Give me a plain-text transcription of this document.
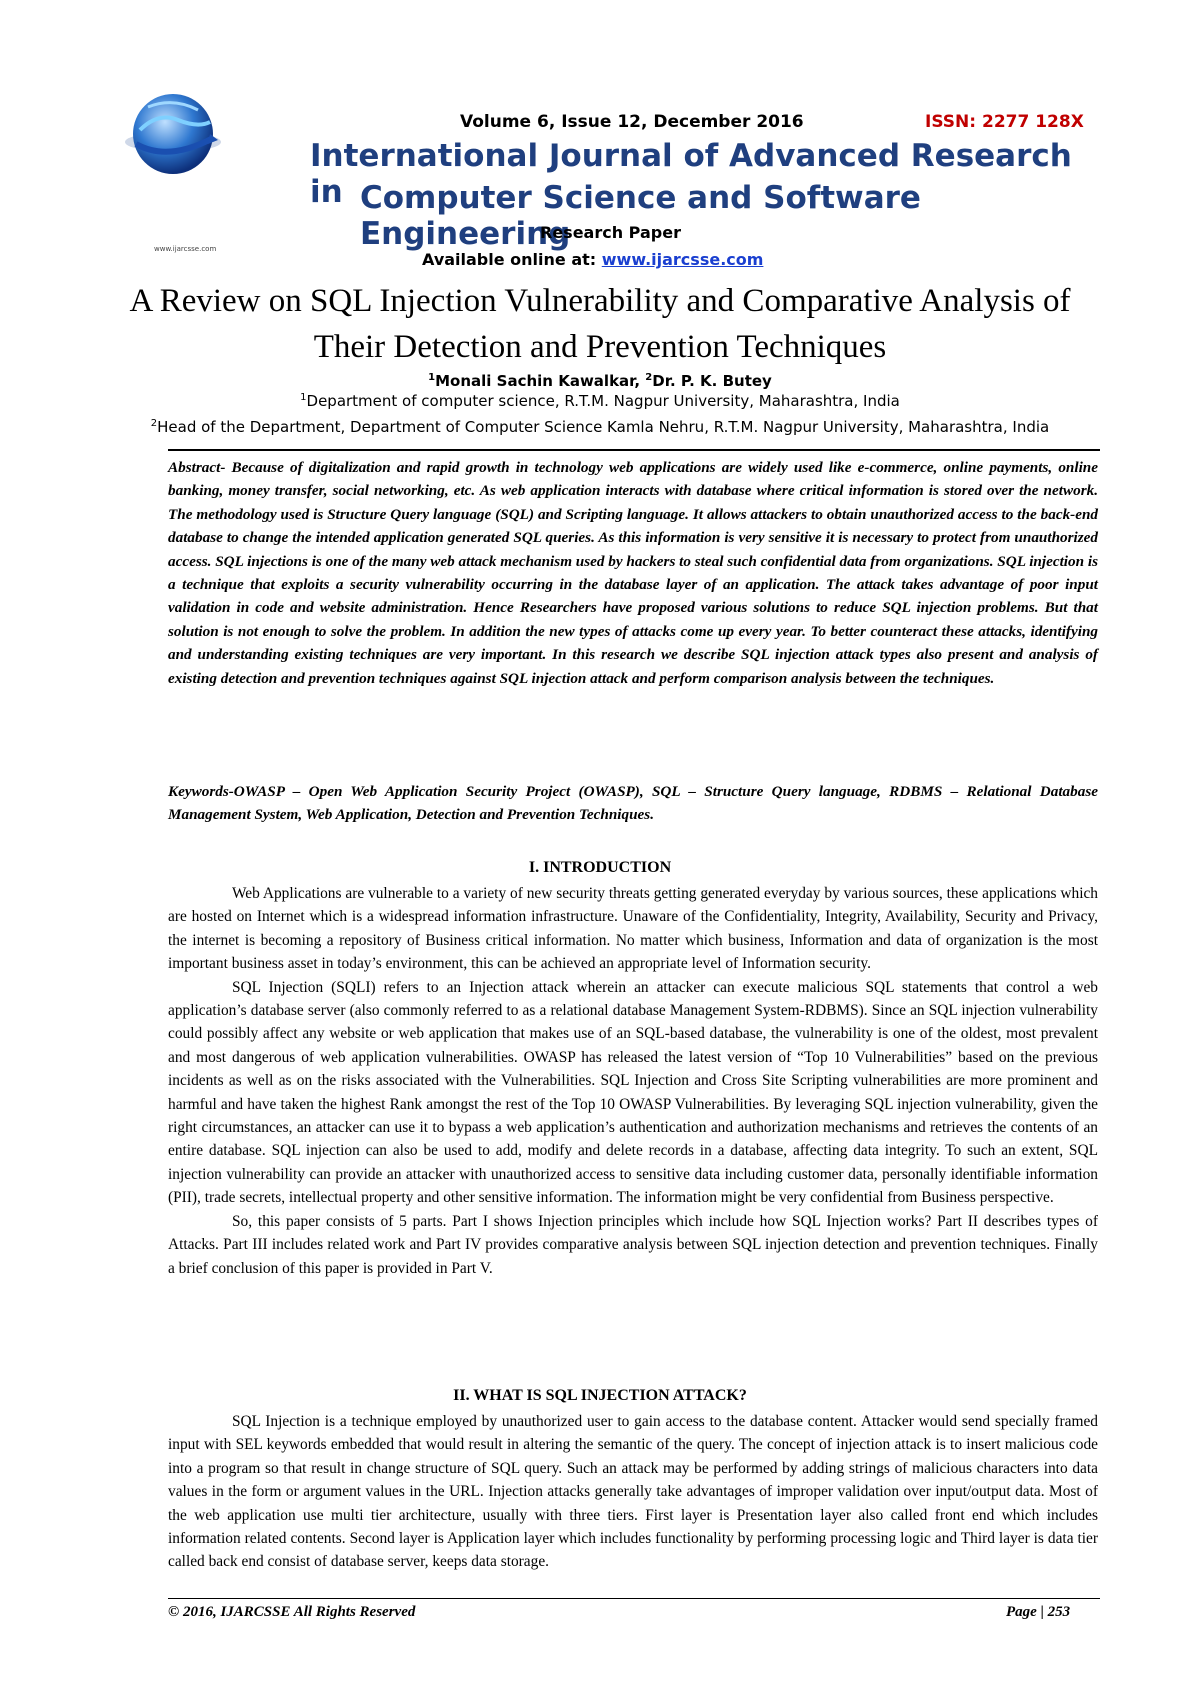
www.ijarcsse.com
Volume 6, Issue 12, December 2016	ISSN: 2277 128X
International Journal of Advanced Research in Computer Science and Software Engineering
Research Paper
Available online at: www.ijarcsse.com
A Review on SQL Injection Vulnerability and Comparative Analysis of Their Detection and Prevention Techniques
$^1$Monali Sachin Kawalkar, $^2$Dr. P. K. Butey
$^1$Department of computer science, R.T.M. Nagpur University, Maharashtra, India
$^2$Head of the Department, Department of Computer Science Kamla Nehru, R.T.M. Nagpur University, Maharashtra, India
Abstract- Because of digitalization and rapid growth in technology web applications are widely used like e-commerce, online payments, online banking, money transfer, social networking, etc. As web application interacts with database where critical information is stored over the network. The methodology used is Structure Query language (SQL) and Scripting language. It allows attackers to obtain unauthorized access to the back-end database to change the intended application generated SQL queries. As this information is very sensitive it is necessary to protect from unauthorized access. SQL injections is one of the many web attack mechanism used by hackers to steal such confidential data from organizations. SQL injection is a technique that exploits a security vulnerability occurring in the database layer of an application. The attack takes advantage of poor input validation in code and website administration. Hence Researchers have proposed various solutions to reduce SQL injection problems. But that solution is not enough to solve the problem. In addition the new types of attacks come up every year. To better counteract these attacks, identifying and understanding existing techniques are very important. In this research we describe SQL injection attack types also present and analysis of existing detection and prevention techniques against SQL injection attack and perform comparison analysis between the techniques.
Keywords-OWASP – Open Web Application Security Project (OWASP), SQL – Structure Query language, RDBMS – Relational Database Management System, Web Application, Detection and Prevention Techniques.
I. INTRODUCTION

Web Applications are vulnerable to a variety of new security threats getting generated everyday by various sources, these applications which are hosted on Internet which is a widespread information infrastructure. Unaware of the Confidentiality, Integrity, Availability, Security and Privacy, the internet is becoming a repository of Business critical information. No matter which business, Information and data of organization is the most important business asset in today’s environment, this can be achieved an appropriate level of Information security.

SQL Injection (SQLI) refers to an Injection attack wherein an attacker can execute malicious SQL statements that control a web application’s database server (also commonly referred to as a relational database Management System-RDBMS). Since an SQL injection vulnerability could possibly affect any website or web application that makes use of an SQL-based database, the vulnerability is one of the oldest, most prevalent and most dangerous of web application vulnerabilities. OWASP has released the latest version of “Top 10 Vulnerabilities” based on the previous incidents as well as on the risks associated with the Vulnerabilities. SQL Injection and Cross Site Scripting vulnerabilities are more prominent and harmful and have taken the highest Rank amongst the rest of the Top 10 OWASP Vulnerabilities. By leveraging SQL injection vulnerability, given the right circumstances, an attacker can use it to bypass a web application’s authentication and authorization mechanisms and retrieves the contents of an entire database. SQL injection can also be used to add, modify and delete records in a database, affecting data integrity. To such an extent, SQL injection vulnerability can provide an attacker with unauthorized access to sensitive data including customer data, personally identifiable information (PII), trade secrets, intellectual property and other sensitive information. The information might be very confidential from Business perspective.

So, this paper consists of 5 parts. Part I shows Injection principles which include how SQL Injection works? Part II describes types of Attacks. Part III includes related work and Part IV provides comparative analysis between SQL injection detection and prevention techniques. Finally a brief conclusion of this paper is provided in Part V.

II. WHAT IS SQL INJECTION ATTACK?

SQL Injection is a technique employed by unauthorized user to gain access to the database content. Attacker would send specially framed input with SEL keywords embedded that would result in altering the semantic of the query. The concept of injection attack is to insert malicious code into a program so that result in change structure of SQL query. Such an attack may be performed by adding strings of malicious characters into data values in the form or argument values in the URL. Injection attacks generally take advantages of improper validation over input/output data. Most of the web application use multi tier architecture, usually with three tiers. First layer is Presentation layer also called front end which includes information related contents. Second layer is Application layer which includes functionality by performing processing logic and Third layer is data tier called back end consist of database server, keeps data storage.

© 2016, IJARCSSE All Rights Reserved	Page | 253
